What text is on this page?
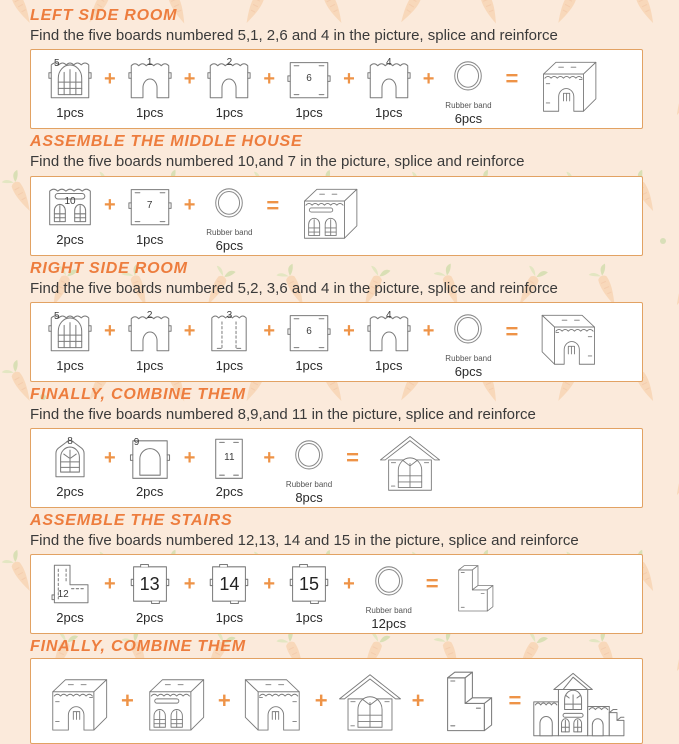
LEFT SIDE ROOM

Find the five boards numbered 5,1, 2,6 and 4 in the picture, splice and reinforce

5
1pcs
+
1
1pcs
+
2
1pcs
+	6
1pcs
+
4
1pcs
+
Rubber band
6pcs
=
ASSEMBLE THE MIDDLE HOUSE

Find the five boards numbered 10,and 7 in the picture, splice and reinforce

10
2pcs
+	7
1pcs
+
Rubber band
6pcs
=
RIGHT SIDE ROOM

Find the five boards numbered 5,2, 3,6 and 4 in the picture, splice and reinforce

5
1pcs
+
2
1pcs
+
3
1pcs
+	6
1pcs
+
4
1pcs
+
Rubber band
6pcs
=
FINALLY, COMBINE THEM

Find the five boards numbered 8,9,and 11 in the picture, splice and reinforce

8
2pcs
+
9
2pcs
+	11
2pcs
+
Rubber band
8pcs
=
ASSEMBLE THE STAIRS

Find the five boards numbered 12,13, 14 and 15 in the picture, splice and reinforce

12
2pcs
+ 13
2pcs
+ 14
1pcs
+ 15
1pcs
+
Rubber band
12pcs
=
FINALLY, COMBINE THEM
+	+	+	+	=
